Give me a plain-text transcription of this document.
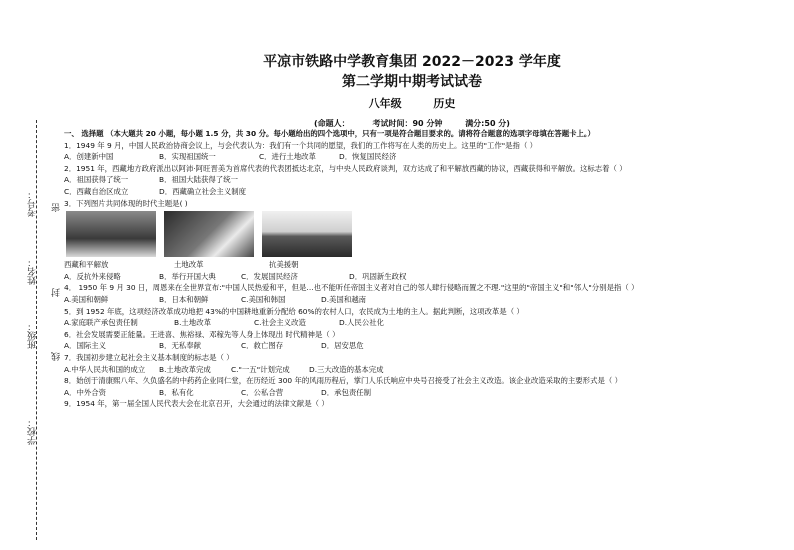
考号：
姓名：
班级：
学校：
密
封
线
平凉市铁路中学教育集团 2022－2023 学年度
第二学期中期考试试卷
八年级	历史
(命题人：	考试时间：90 分钟	满分:50 分)
一、 选择题 （本大题共 20 小题，每小题 1.5 分，共 30 分。每小题给出的四个选项中，只有一项是符合题目要求的。请将符合题意的选项字母填在答题卡上。）
1．1949 年 9 月，中国人民政治协商会议上，与会代表认为：我们有一个共同的愿望，我们的工作将写在人类的历史上。这里的"工作"是指（ ）
A．创建新中国	B．实现祖国统一	C．进行土地改革	D．恢复国民经济
2．1951 年，西藏地方政府派出以阿沛·阿旺晋美为首席代表的代表团抵达北京，与中央人民政府谈判，双方达成了和平解放西藏的协议，西藏获得和平解放。这标志着（ ）
A．祖国获得了统一	B．祖国大陆获得了统一
C．西藏自治区成立	D．西藏确立社会主义制度
3．下列图片共同体现的时代主题是( )
西藏和平解放	土地改革	抗美援朝
A．反抗外来侵略	B．举行开国大典	C．发展国民经济	D．巩固新生政权
4． 1950 年 9 月 30 日，周恩来在全世界宣布:"中国人民热爱和平，但是…也不能听任帝国主义者对自己的邻人肆行侵略而置之不理."这里的"帝国主义"和"邻人"分别是指（ ）
A.美国和朝鲜	B．日本和朝鲜	C.美国和韩国	D.美国和越南
5．到 1952 年底，这项经济改革成功地把 43%的中国耕地重新分配给 60%的农村人口，农民成为土地的主人。据此判断，这项改革是（ ）
A.家庭联产承包责任制	B.土地改革	C.社会主义改造	D.人民公社化
6．社会发展需要正能量。王进喜、焦裕禄、邓稼先等人身上体现出 时代精神是（ ）
A．国际主义	B．无私奉献	C．救亡图存	D．居安思危
7．我国初步建立起社会主义基本制度的标志是（ ）
A.中华人民共和国的成立	B.土地改革完成	C."一五"计划完成	D.三大改造的基本完成
8．始创于清康熙八年、久负盛名的中药药企业同仁堂，在历经近 300 年的风雨历程后，掌门人乐氏响应中央号召接受了社会主义改造。该企业改造采取的主要形式是（ ）
A．中外合资	B．私有化	C．公私合营	D．承包责任制
9．1954 年，第一届全国人民代表大会在北京召开，大会通过的法律文献是（ ）
